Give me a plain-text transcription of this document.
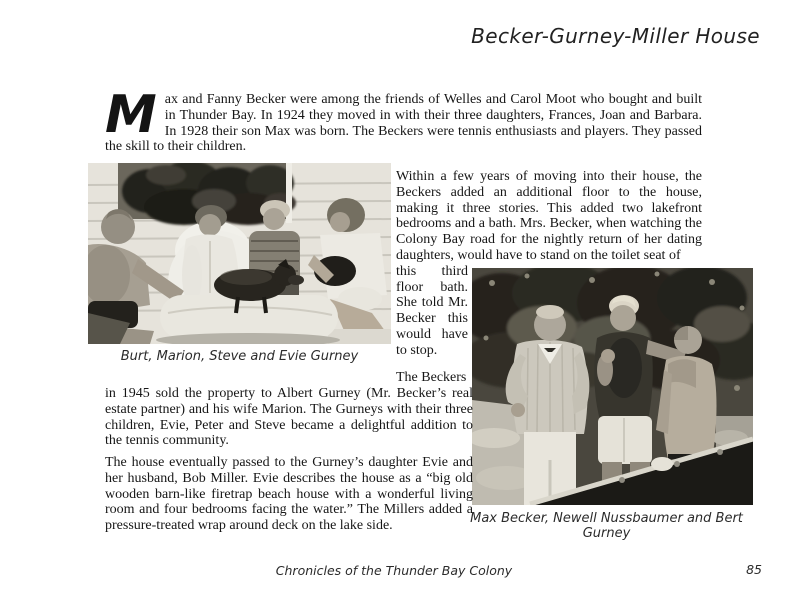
Becker-Gurney-Miller House
Max and Fanny Becker were among the friends of Welles and Carol Moot who bought and built in Thunder Bay. In 1924 they moved in with their three daughters, Frances, Joan and Barbara. In 1928 their son Max was born. The Beckers were tennis enthusiasts and players. They passed the skill to their children.
Burt, Marion, Steve and Evie Gurney

Within a few years of moving into their house, the Beckers added an additional floor to the house, making it three stories. This added two lakefront bedrooms and a bath. Mrs. Becker, when watching the Colony Bay road for the nightly return of her dating daughters, would have to stand on the toilet seat of

this third floor bath. She told Mr. Becker this would have to stop.

The Beckers

Max Becker, Newell Nussbaumer and Bert Gurney

in 1945 sold the property to Albert Gurney (Mr. Becker’s real estate partner) and his wife Marion. The Gurneys with their three children, Evie, Peter and Steve became a delightful addition to the tennis community.

The house eventually passed to the Gurney’s daughter Evie and her husband, Bob Miller. Evie describes the house as a “big old wooden barn-like firetrap beach house with a wonderful living room and four bedrooms facing the water.” The Millers added a pressure-treated wrap around deck on the lake side.

Chronicles of the Thunder Bay Colony	85
